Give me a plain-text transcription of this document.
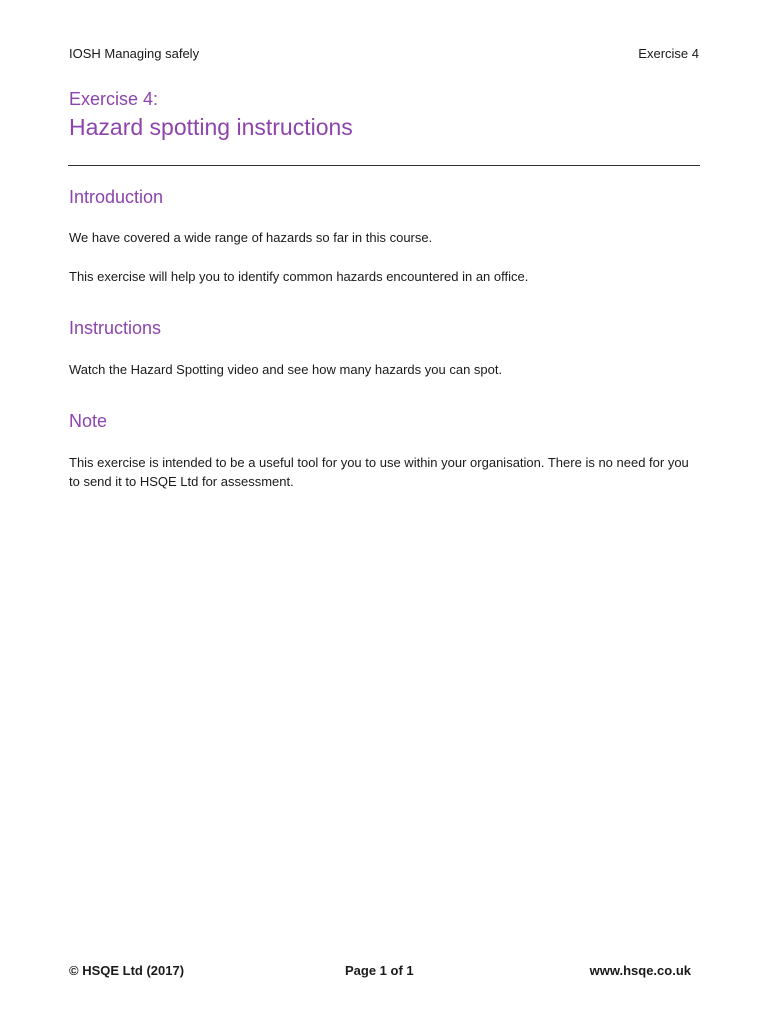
IOSH Managing safely	Exercise 4

Exercise 4:

Hazard spotting instructions
Introduction

We have covered a wide range of hazards so far in this course.

This exercise will help you to identify common hazards encountered in an office.

Instructions

Watch the Hazard Spotting video and see how many hazards you can spot.

Note

This exercise is intended to be a useful tool for you to use within your organisation. There is no need for you to send it to HSQE Ltd for assessment.

© HSQE Ltd (2017)	Page 1 of 1	www.hsqe.co.uk
